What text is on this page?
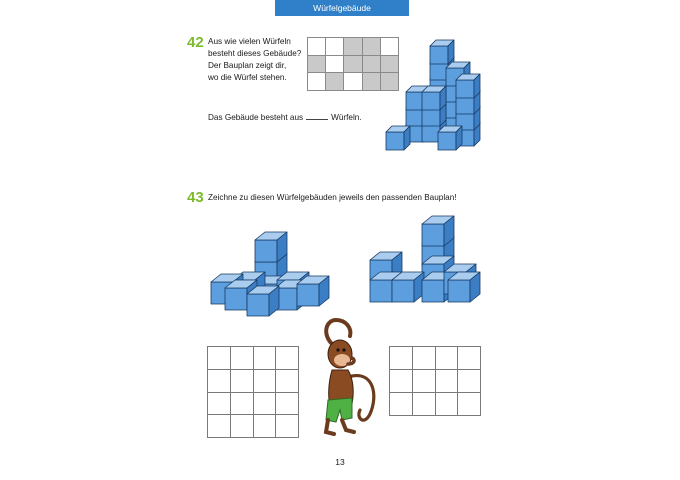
Würfelgebäude
42 Aus wie vielen Würfeln
besteht dieses Gebäude?
Der Bauplan zeigt dir,
wo die Würfel stehen.

Das Gebäude besteht aus	Würfeln.
43 Zeichne zu diesen Würfelgebäuden jeweils den passenden Bauplan!

13
